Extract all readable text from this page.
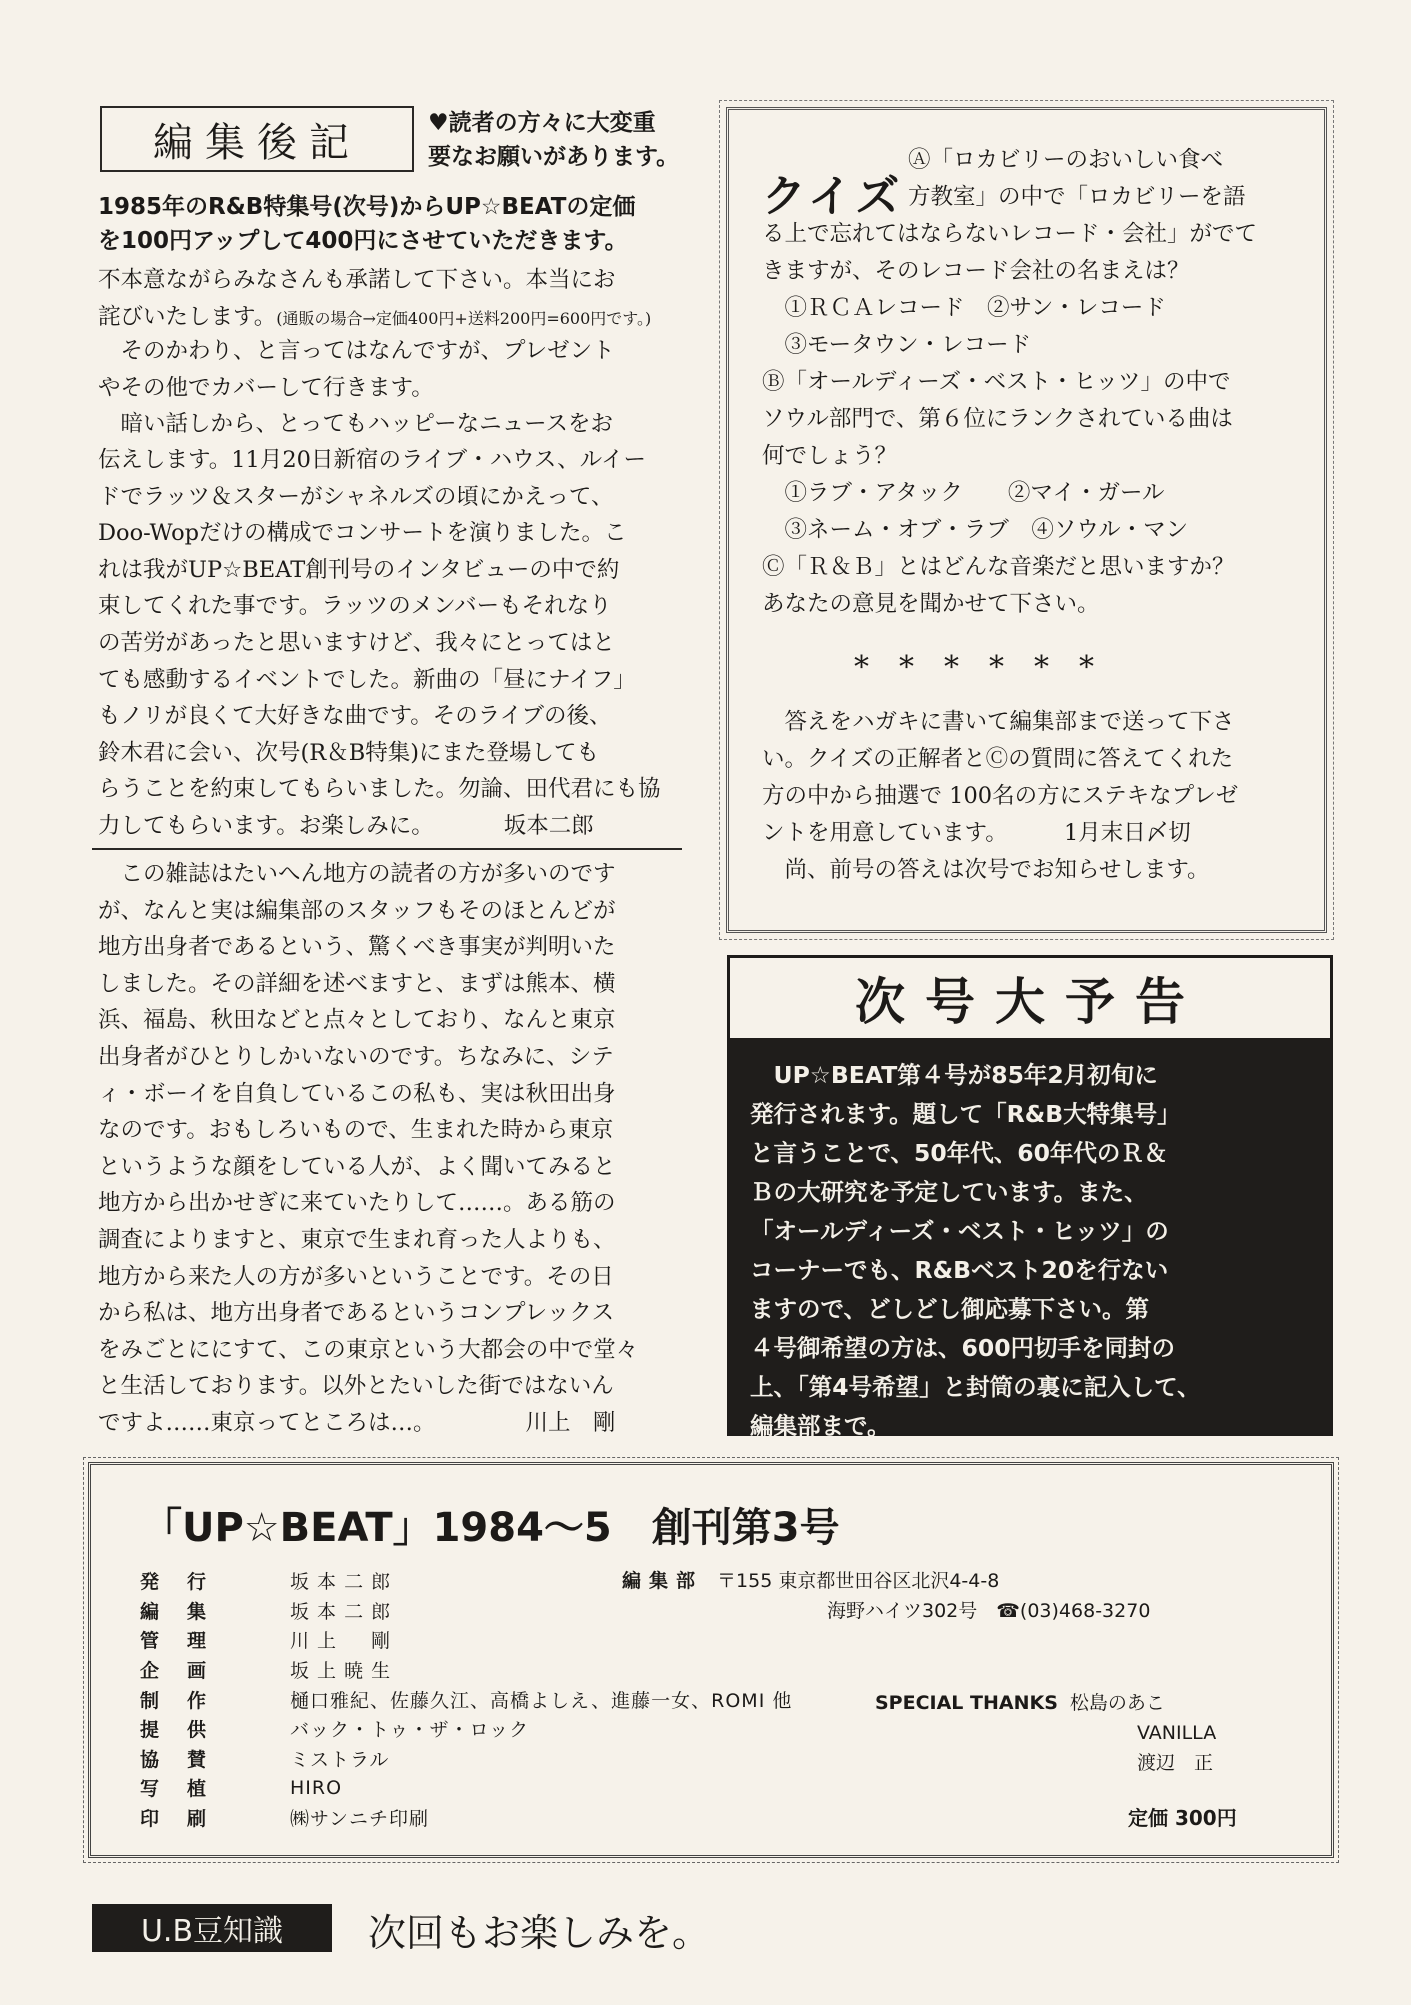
編集後記	♥読者の方々に大変重
要なお願いがあります。
1985年のR&B特集号(次号)からUP☆BEATの定価
を100円アップして400円にさせていただきます。
不本意ながらみなさんも承諾して下さい。本当にお
詫びいたします。(通販の場合→定価400円+送料200円=600円です。)
　そのかわり、と言ってはなんですが、プレゼント
やその他でカバーして行きます。
　暗い話しから、とってもハッピーなニュースをお
伝えします。11月20日新宿のライブ・ハウス、ルイー
ドでラッツ＆スターがシャネルズの頃にかえって、
Doo-Wopだけの構成でコンサートを演りました。こ
れは我がUP☆BEAT創刊号のインタビューの中で約
束してくれた事です。ラッツのメンバーもそれなり
の苦労があったと思いますけど、我々にとってはと
ても感動するイベントでした。新曲の「昼にナイフ」
もノリが良くて大好きな曲です。そのライブの後、
鈴木君に会い、次号(R＆B特集)にまた登場しても
らうことを約束してもらいました。勿論、田代君にも協
力してもらいます。お楽しみに。	坂本二郎
　この雑誌はたいへん地方の読者の方が多いのです
が、なんと実は編集部のスタッフもそのほとんどが
地方出身者であるという、驚くべき事実が判明いた
しました。その詳細を述べますと、まずは熊本、横
浜、福島、秋田などと点々としており、なんと東京
出身者がひとりしかいないのです。ちなみに、シテ
ィ・ボーイを自負しているこの私も、実は秋田出身
なのです。おもしろいもので、生まれた時から東京
というような顔をしている人が、よく聞いてみると
地方から出かせぎに来ていたりして……。ある筋の
調査によりますと、東京で生まれ育った人よりも、
地方から来た人の方が多いということです。その日
から私は、地方出身者であるというコンプレックス
をみごとににすて、この東京という大都会の中で堂々
と生活しております。以外とたいした街ではないん
ですよ……東京ってところは…。	川上　剛
クイズ
Ⓐ「ロカビリーのおいしい食べ
方教室」の中で「ロカビリーを語
る上で忘れてはならないレコード・会社」がでて
きますが、そのレコード会社の名まえは？
　①ＲＣＡレコード　②サン・レコード
　③モータウン・レコード
Ⓑ「オールディーズ・ベスト・ヒッツ」の中で
ソウル部門で、第６位にランクされている曲は
何でしょう？
　①ラブ・アタック　　②マイ・ガール
　③ネーム・オブ・ラブ　④ソウル・マン
Ⓒ「Ｒ＆Ｂ」とはどんな音楽だと思いますか？
あなたの意見を聞かせて下さい。
******
　答えをハガキに書いて編集部まで送って下さ
い。クイズの正解者とⒸの質問に答えてくれた
方の中から抽選で 100名の方にステキなプレゼ
ントを用意しています。　　　1月末日〆切
　尚、前号の答えは次号でお知らせします。
次号大予告
　UP☆BEAT第４号が85年2月初旬に
発行されます。題して「R&B大特集号」
と言うことで、50年代、60年代のＲ＆
Ｂの大研究を予定しています。また、
「オールディーズ・ベスト・ヒッツ」の
コーナーでも、R&Bベスト20を行ない
ますので、どしどし御応募下さい。第
４号御希望の方は、600円切手を同封の
上、「第4号希望」と封筒の裏に記入して、
編集部まで。
「UP☆BEAT」1984〜5 創刊第3号
発行	坂 本 二 郎
編集	坂 本 二 郎
管理	川 上 　 剛
企画	坂 上 暁 生
制作	樋口雅紀、佐藤久江、高橋よしえ、進藤一女、ROMI 他
提供	バック・トゥ・ザ・ロック
協賛	ミストラル
写植	HIRO
印刷	㈱サンニチ印刷
編集部 〒155 東京都世田谷区北沢4-4-8
海野ハイツ302号　☎(03)468-3270
SPECIAL THANKS 松島のあこ
VANILLA
渡辺　正
定価 300円
U.B豆知識	次回もお楽しみを。
